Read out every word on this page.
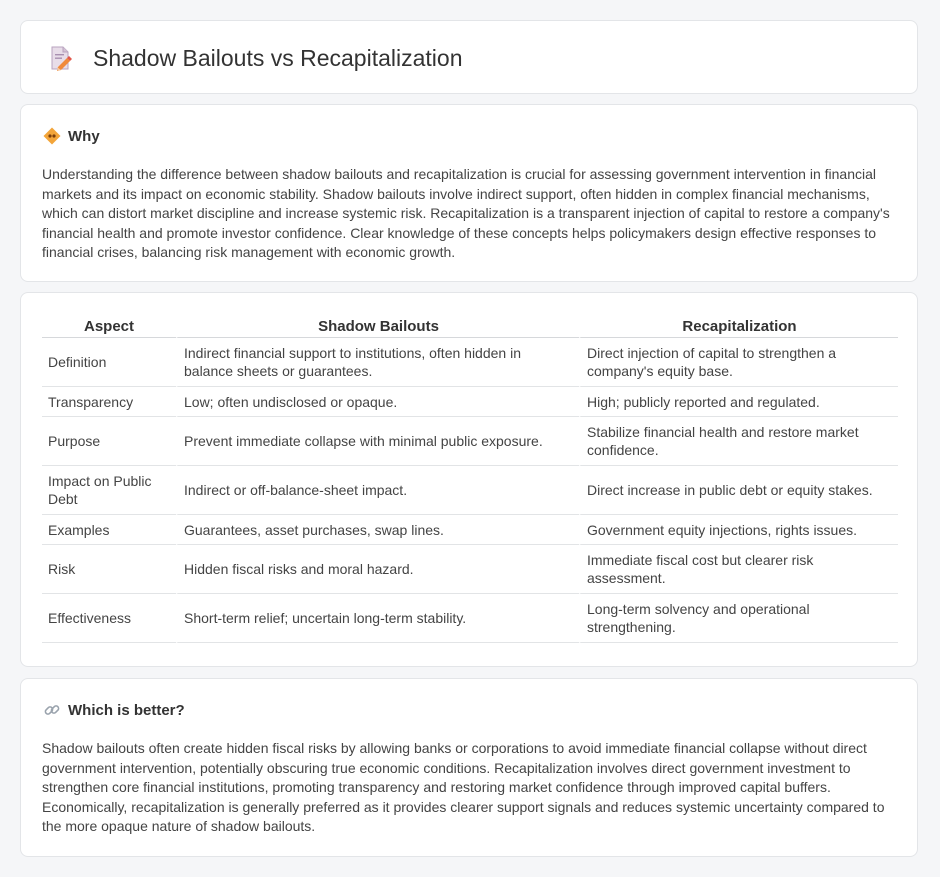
Shadow Bailouts vs Recapitalization
Why
Understanding the difference between shadow bailouts and recapitalization is crucial for assessing government intervention in financial markets and its impact on economic stability. Shadow bailouts involve indirect support, often hidden in complex financial mechanisms, which can distort market discipline and increase systemic risk. Recapitalization is a transparent injection of capital to restore a company's financial health and promote investor confidence. Clear knowledge of these concepts helps policymakers design effective responses to financial crises, balancing risk management with economic growth.
Aspect	Shadow Bailouts	Recapitalization
Definition	Indirect financial support to institutions, often hidden in balance sheets or guarantees.	Direct injection of capital to strengthen a company's equity base.
Transparency	Low; often undisclosed or opaque.	High; publicly reported and regulated.
Purpose	Prevent immediate collapse with minimal public exposure.	Stabilize financial health and restore market confidence.
Impact on Public Debt	Indirect or off-balance-sheet impact.	Direct increase in public debt or equity stakes.
Examples	Guarantees, asset purchases, swap lines.	Government equity injections, rights issues.
Risk	Hidden fiscal risks and moral hazard.	Immediate fiscal cost but clearer risk assessment.
Effectiveness	Short-term relief; uncertain long-term stability.	Long-term solvency and operational strengthening.
Which is better?
Shadow bailouts often create hidden fiscal risks by allowing banks or corporations to avoid immediate financial collapse without direct government intervention, potentially obscuring true economic conditions. Recapitalization involves direct government investment to strengthen core financial institutions, promoting transparency and restoring market confidence through improved capital buffers. Economically, recapitalization is generally preferred as it provides clearer support signals and reduces systemic uncertainty compared to the more opaque nature of shadow bailouts.
